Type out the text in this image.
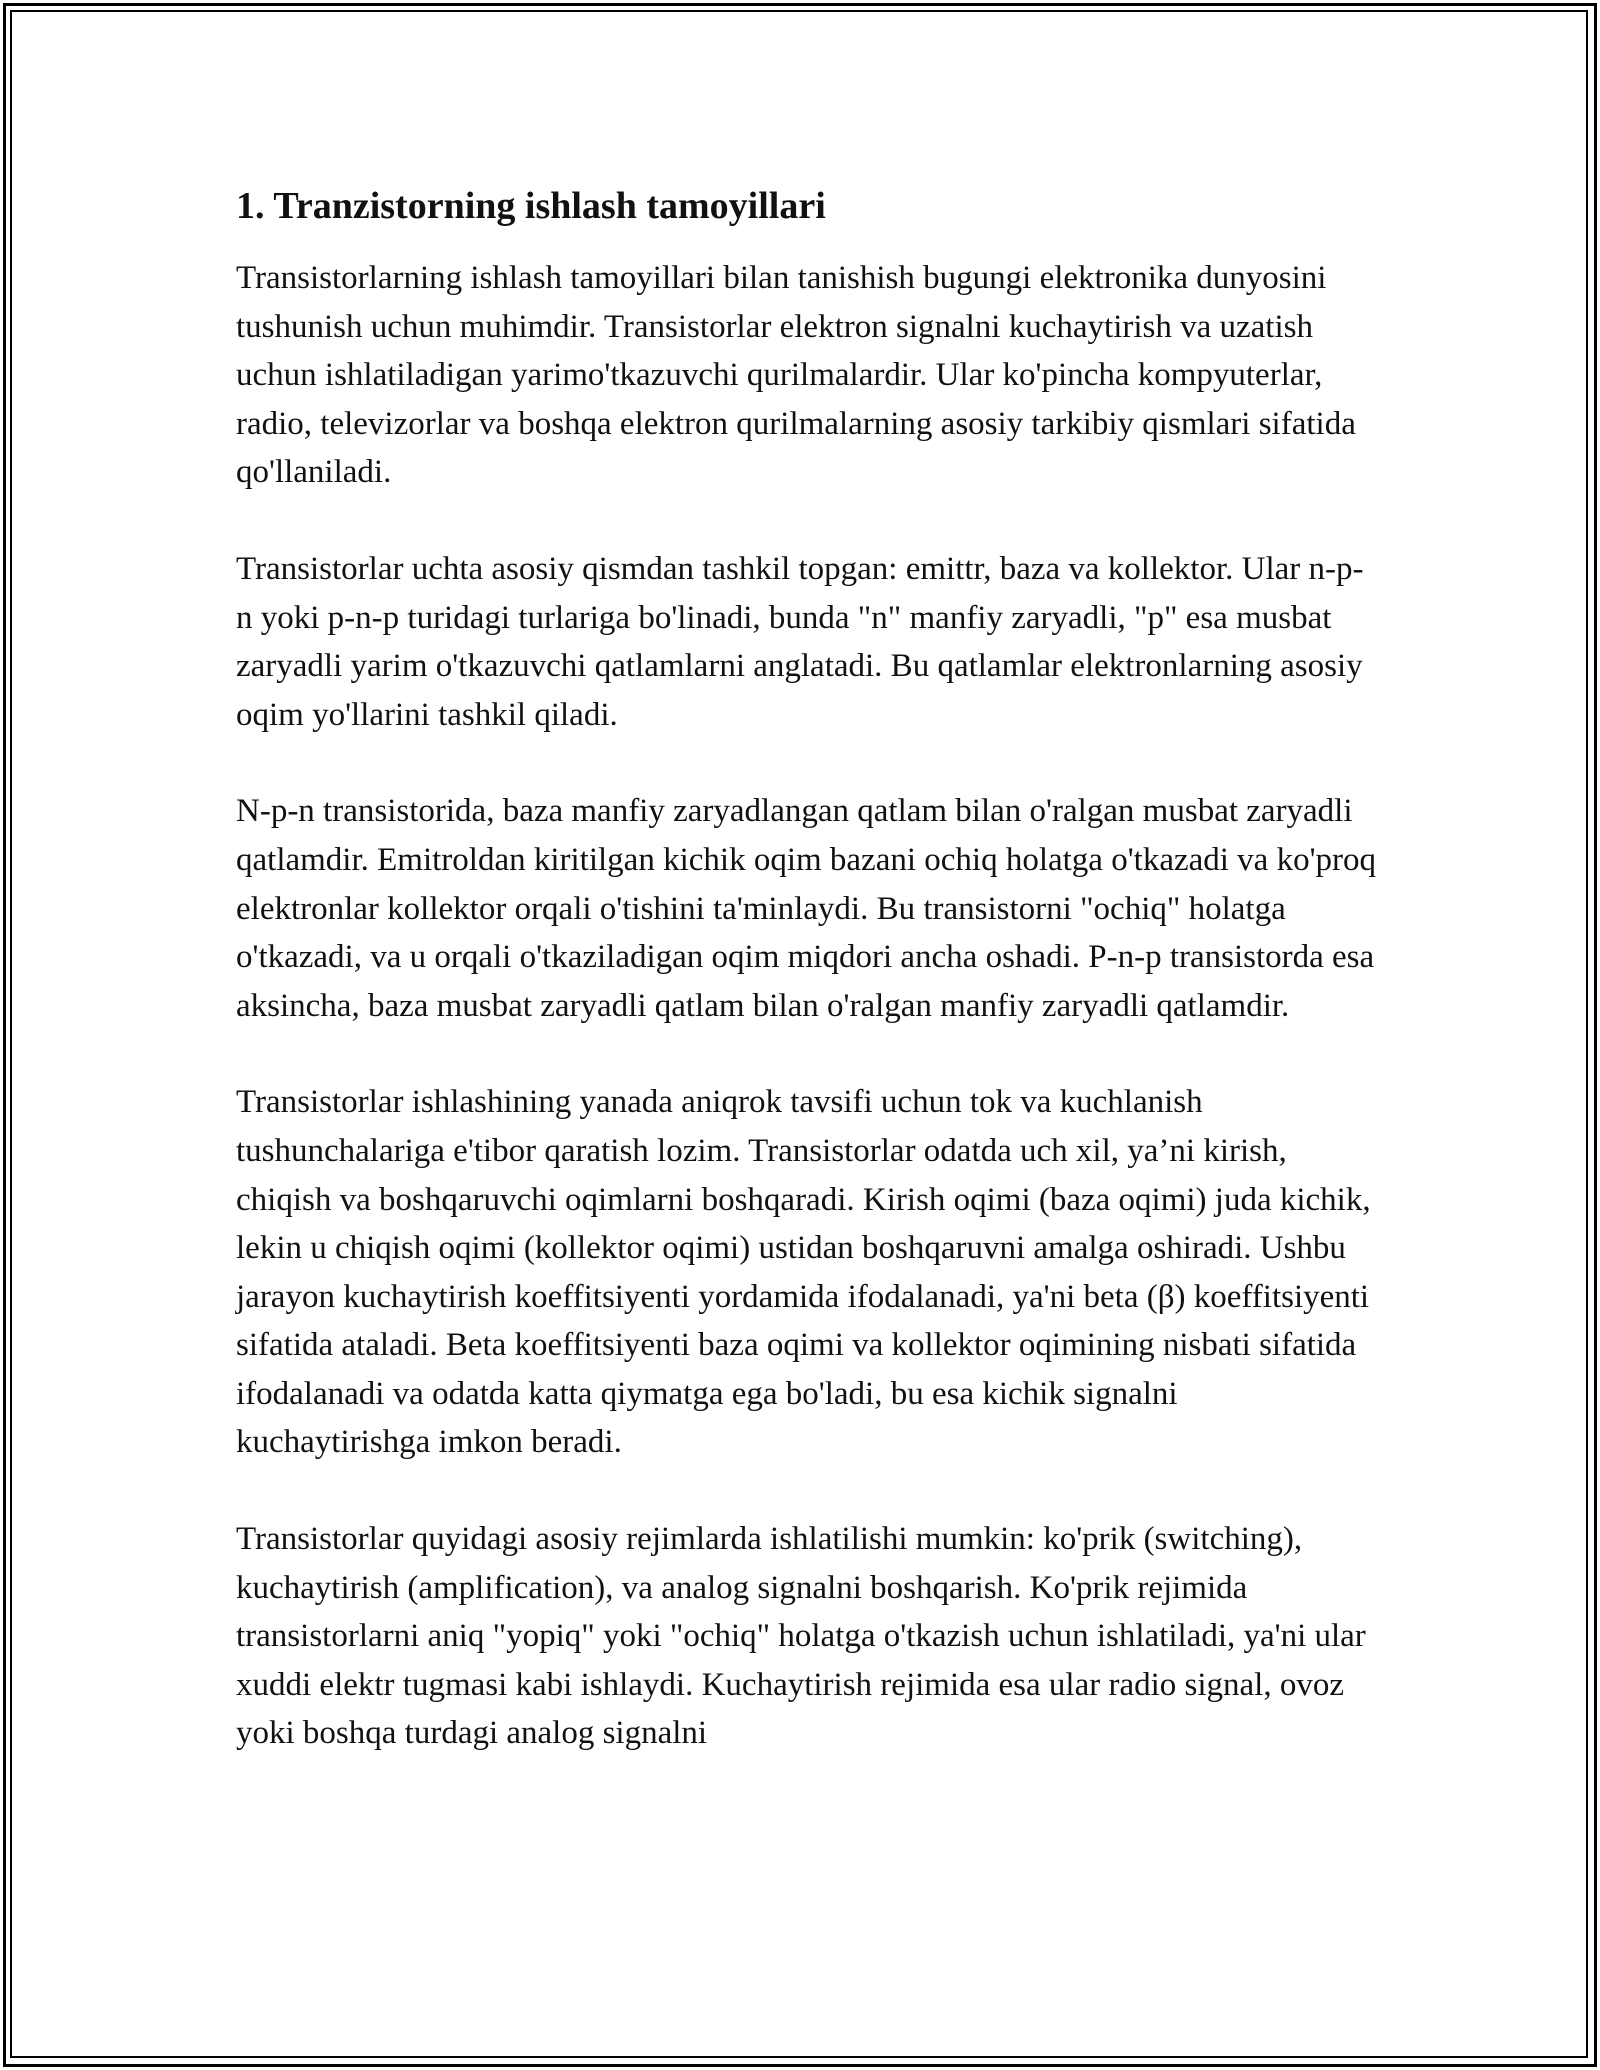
1. Tranzistorning ishlash tamoyillari

Transistorlarning ishlash tamoyillari bilan tanishish bugungi elektronika dunyosini tushunish uchun muhimdir. Transistorlar elektron signalni kuchaytirish va uzatish uchun ishlatiladigan yarimo'tkazuvchi qurilmalardir. Ular ko'pincha kompyuterlar, radio, televizorlar va boshqa elektron qurilmalarning asosiy tarkibiy qismlari sifatida qo'llaniladi.

Transistorlar uchta asosiy qismdan tashkil topgan: emittr, baza va kollektor. Ular n-p-n yoki p-n-p turidagi turlariga bo'linadi, bunda "n" manfiy zaryadli, "p" esa musbat zaryadli yarim o'tkazuvchi qatlamlarni anglatadi. Bu qatlamlar elektronlarning asosiy oqim yo'llarini tashkil qiladi.

N-p-n transistorida, baza manfiy zaryadlangan qatlam bilan o'ralgan musbat zaryadli qatlamdir. Emitroldan kiritilgan kichik oqim bazani ochiq holatga o'tkazadi va ko'proq elektronlar kollektor orqali o'tishini ta'minlaydi. Bu transistorni "ochiq" holatga o'tkazadi, va u orqali o'tkaziladigan oqim miqdori ancha oshadi. P-n-p transistorda esa aksincha, baza musbat zaryadli qatlam bilan o'ralgan manfiy zaryadli qatlamdir.

Transistorlar ishlashining yanada aniqrok tavsifi uchun tok va kuchlanish tushunchalariga e'tibor qaratish lozim. Transistorlar odatda uch xil, ya’ni kirish, chiqish va boshqaruvchi oqimlarni boshqaradi. Kirish oqimi (baza oqimi) juda kichik, lekin u chiqish oqimi (kollektor oqimi) ustidan boshqaruvni amalga oshiradi. Ushbu jarayon kuchaytirish koeffitsiyenti yordamida ifodalanadi, ya'ni beta (β) koeffitsiyenti sifatida ataladi. Beta koeffitsiyenti baza oqimi va kollektor oqimining nisbati sifatida ifodalanadi va odatda katta qiymatga ega bo'ladi, bu esa kichik signalni kuchaytirishga imkon beradi.

Transistorlar quyidagi asosiy rejimlarda ishlatilishi mumkin: ko'prik (switching), kuchaytirish (amplification), va analog signalni boshqarish. Ko'prik rejimida transistorlarni aniq "yopiq" yoki "ochiq" holatga o'tkazish uchun ishlatiladi, ya'ni ular xuddi elektr tugmasi kabi ishlaydi. Kuchaytirish rejimida esa ular radio signal, ovoz yoki boshqa turdagi analog signalni
